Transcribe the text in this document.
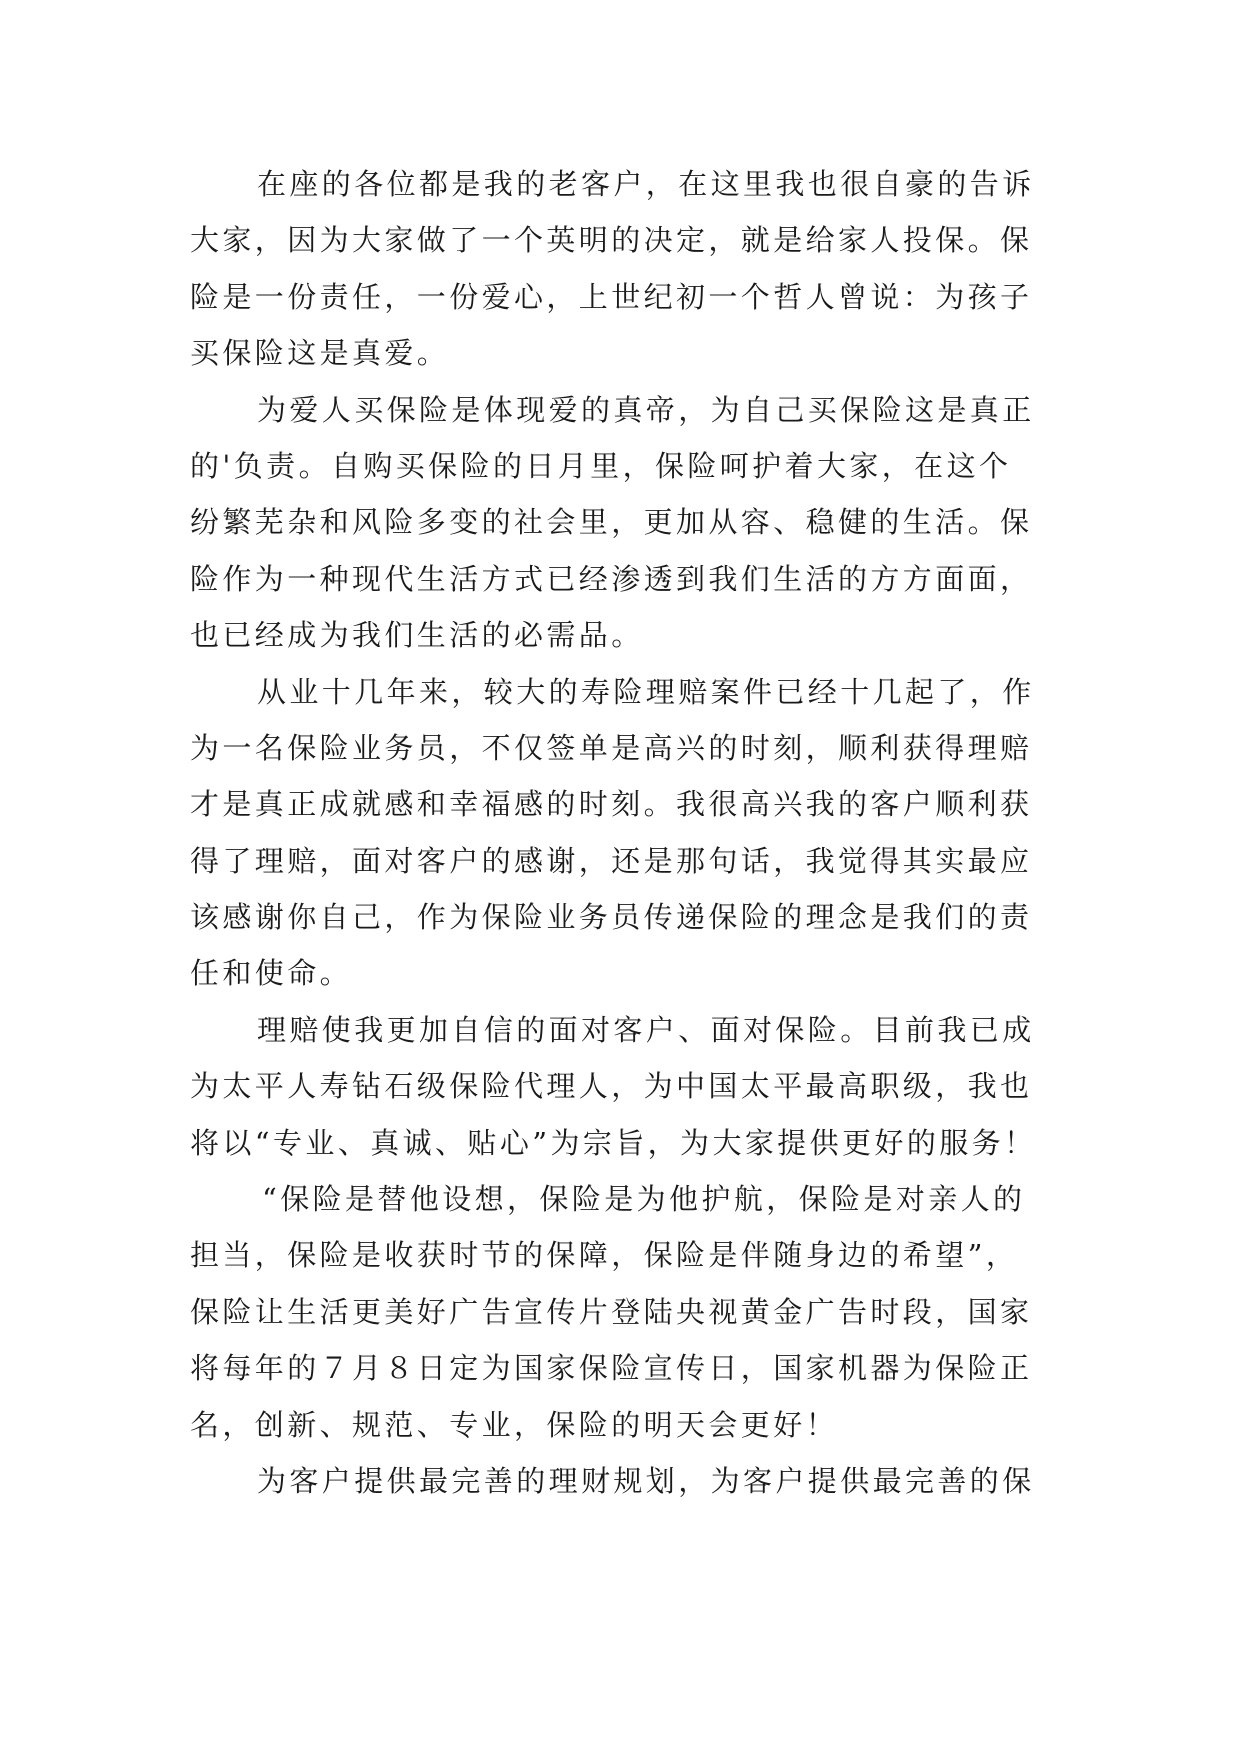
在座的各位都是我的老客户，在这里我也很自豪的告诉
大家，因为大家做了一个英明的决定，就是给家人投保。保
险是一份责任，一份爱心，上世纪初一个哲人曾说：为孩子
买保险这是真爱。
为爱人买保险是体现爱的真帝，为自己买保险这是真正
的'负责。自购买保险的日月里，保险呵护着大家，在这个
纷繁芜杂和风险多变的社会里，更加从容、稳健的生活。保
险作为一种现代生活方式已经渗透到我们生活的方方面面，
也已经成为我们生活的必需品。
从业十几年来，较大的寿险理赔案件已经十几起了，作
为一名保险业务员，不仅签单是高兴的时刻，顺利获得理赔
才是真正成就感和幸福感的时刻。我很高兴我的客户顺利获
得了理赔，面对客户的感谢，还是那句话，我觉得其实最应
该感谢你自己，作为保险业务员传递保险的理念是我们的责
任和使命。
理赔使我更加自信的面对客户、面对保险。目前我已成
为太平人寿钻石级保险代理人，为中国太平最高职级，我也
将以“专业、真诚、贴心”为宗旨，为大家提供更好的服务！
“保险是替他设想，保险是为他护航，保险是对亲人的
担当，保险是收获时节的保障，保险是伴随身边的希望”，
保险让生活更美好广告宣传片登陆央视黄金广告时段，国家
将每年的７月８日定为国家保险宣传日，国家机器为保险正
名，创新、规范、专业，保险的明天会更好！
为客户提供最完善的理财规划，为客户提供最完善的保
